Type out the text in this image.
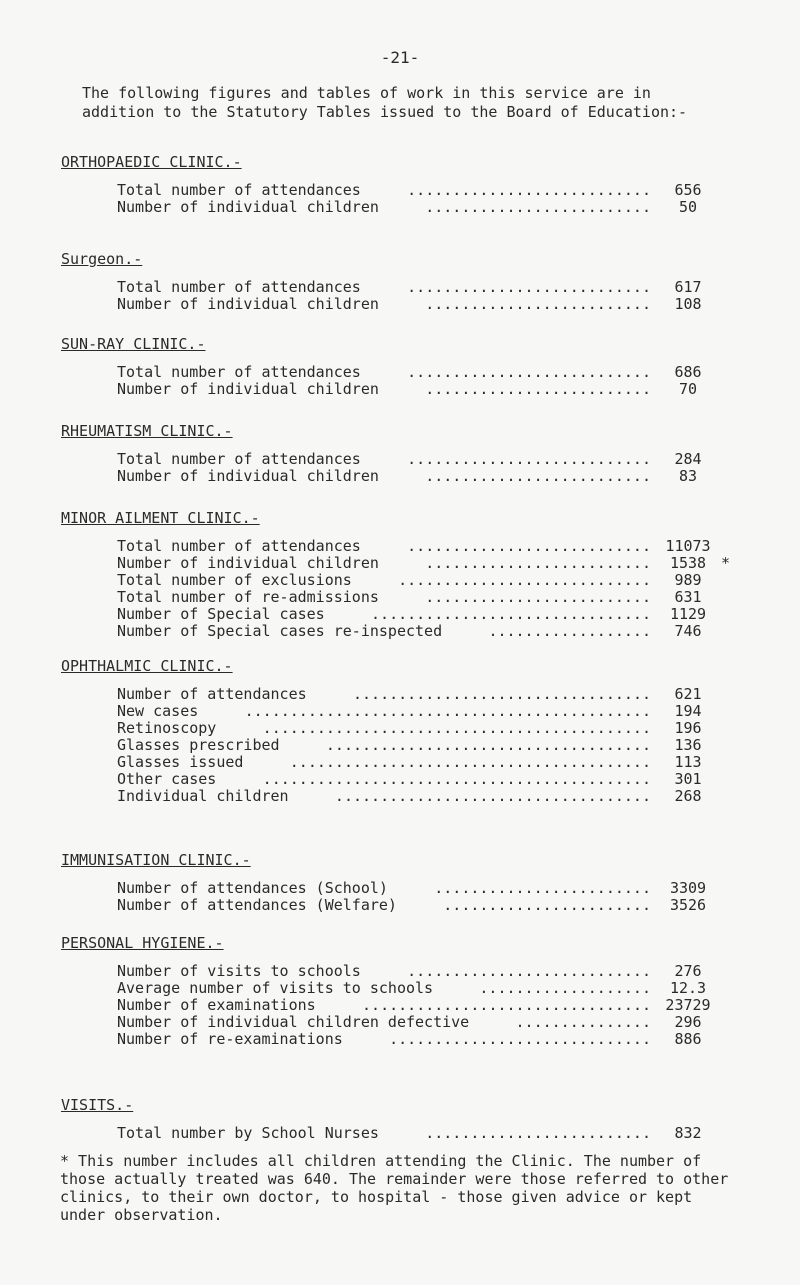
-21-
The following figures and tables of work in this service are in addition to the Statutory Tables issued to the Board of Education:-
ORTHOPAEDIC CLINIC.-
Total number of attendances	...........................	656
Number of individual children	.........................	50
Surgeon.-
Total number of attendances	...........................	617
Number of individual children	.........................	108
SUN-RAY CLINIC.-
Total number of attendances	...........................	686
Number of individual children	.........................	70
RHEUMATISM CLINIC.-
Total number of attendances	...........................	284
Number of individual children	.........................	83
MINOR AILMENT CLINIC.-
Total number of attendances	........................... 11073
Number of individual children	.........................	1538 *
Total number of exclusions	............................	989
Total number of re-admissions	.........................	631
Number of Special cases	...............................	1129
Number of Special cases re-inspected	..................	746
OPHTHALMIC CLINIC.-
Number of attendances	.................................	621
New cases	.............................................	194
Retinoscopy	...........................................	196
Glasses prescribed	....................................	136
Glasses issued	........................................	113
Other cases	...........................................	301
Individual children	...................................	268
IMMUNISATION CLINIC.-
Number of attendances (School)	........................	3309
Number of attendances (Welfare)	.......................	3526
PERSONAL HYGIENE.-
Number of visits to schools	...........................	276
Average number of visits to schools	...................	12.3
Number of examinations	................................ 23729
Number of individual children defective	...............	296
Number of re-examinations	.............................	886
VISITS.-
Total number by School Nurses	.........................	832
* This number includes all children attending the Clinic. The number of those actually treated was 640. The remainder were those referred to other clinics, to their own doctor, to hospital - those given advice or kept under observation.
